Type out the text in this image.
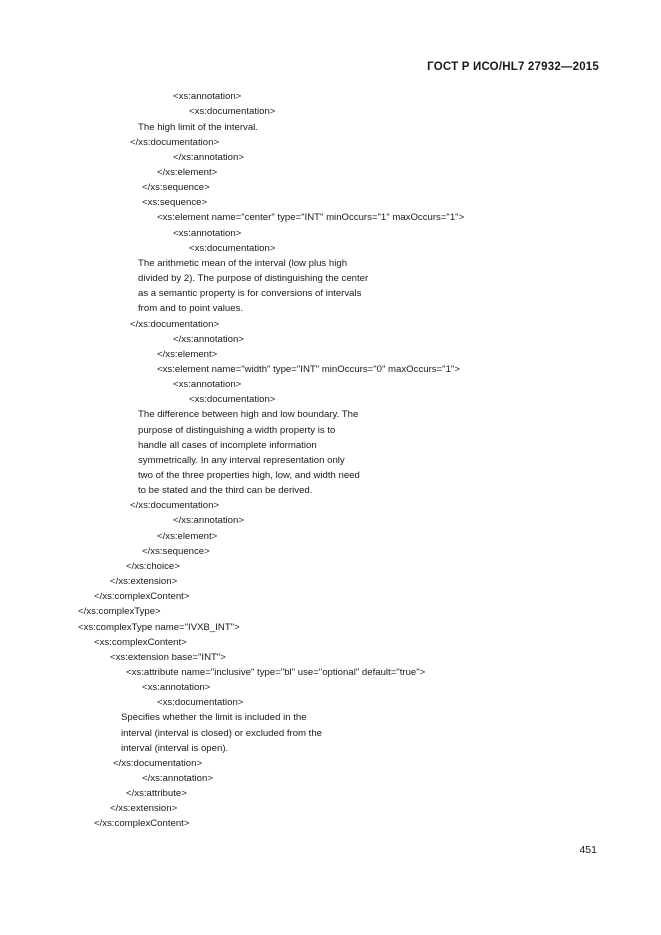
ГОСТ Р ИСО/HL7 27932—2015
<xs:annotation>
<xs:documentation>
The high limit of the interval.
</xs:documentation>
</xs:annotation>
</xs:element>
</xs:sequence>
<xs:sequence>
<xs:element name="center" type="INT" minOccurs="1" maxOccurs="1">
<xs:annotation>
<xs:documentation>
The arithmetic mean of the interval (low plus high
divided by 2). The purpose of distinguishing the center
as a semantic property is for conversions of intervals
from and to point values.
</xs:documentation>
</xs:annotation>
</xs:element>
<xs:element name="width" type="INT" minOccurs="0" maxOccurs="1">
<xs:annotation>
<xs:documentation>
The difference between high and low boundary. The
purpose of distinguishing a width property is to
handle all cases of incomplete information
symmetrically. In any interval representation only
two of the three properties high, low, and width need
to be stated and the third can be derived.
</xs:documentation>
</xs:annotation>
</xs:element>
</xs:sequence>
</xs:choice>
</xs:extension>
</xs:complexContent>
</xs:complexType>
<xs:complexType name="IVXB_INT">
<xs:complexContent>
<xs:extension base="INT">
<xs:attribute name="inclusive" type="bl" use="optional" default="true">
<xs:annotation>
<xs:documentation>
Specifies whether the limit is included in the
interval (interval is closed) or excluded from the
interval (interval is open).
</xs:documentation>
</xs:annotation>
</xs:attribute>
</xs:extension>
</xs:complexContent>
451
